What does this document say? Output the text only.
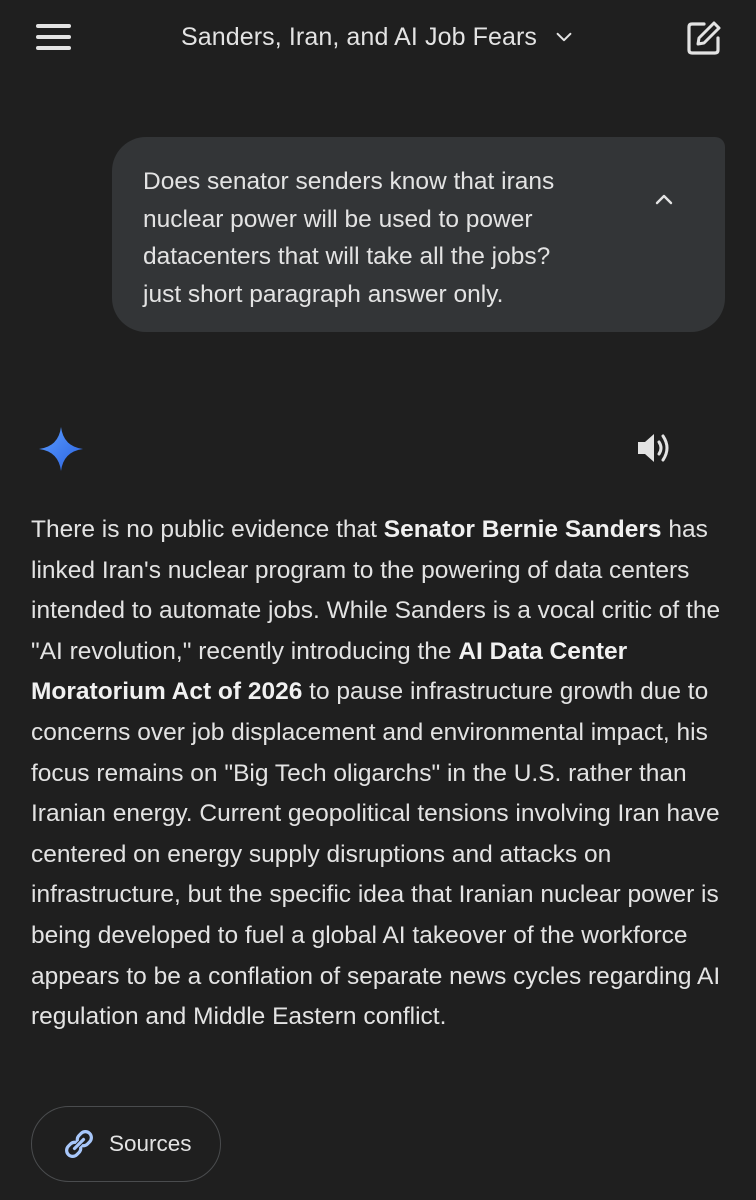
Sanders, Iran, and AI Job Fears
Does senator senders know that irans
nuclear power will be used to power
datacenters that will take all the jobs?
just short paragraph answer only.
There is no public evidence that Senator Bernie Sanders has linked Iran's nuclear program to the powering of data centers intended to automate jobs. While Sanders is a vocal critic of the "AI revolution," recently introducing the AI Data Center Moratorium Act of 2026 to pause infrastructure growth due to concerns over job displacement and environmental impact, his focus remains on "Big Tech oligarchs" in the U.S. rather than Iranian energy. Current geopolitical tensions involving Iran have centered on energy supply disruptions and attacks on infrastructure, but the specific idea that Iranian nuclear power is being developed to fuel a global AI takeover of the workforce appears to be a conflation of separate news cycles regarding AI regulation and Middle Eastern conflict.
Sources
